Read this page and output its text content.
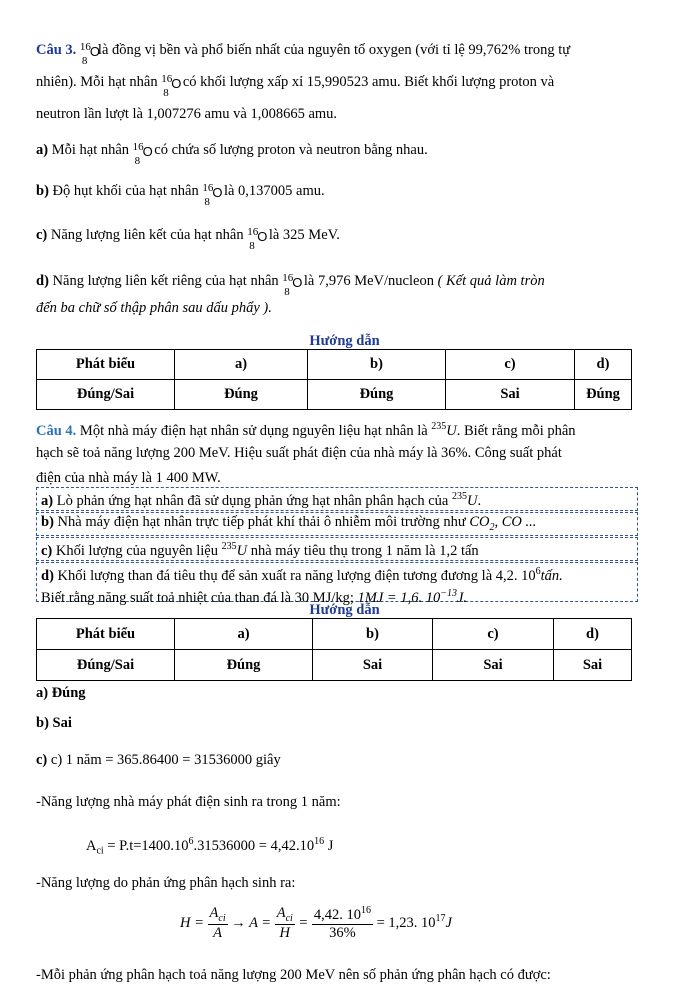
Câu 3. 16
8
O
là đồng vị bền và phổ biến nhất của nguyên tố oxygen (với tỉ lệ 99,762% trong tự
nhiên). Mỗi hạt nhân 16
8
O có khối lượng xấp xỉ 15,990523 amu. Biết khối lượng proton và
neutron lần lượt là 1,007276 amu và 1,008665 amu.
a) Mỗi hạt nhân 16
8
O có chứa số lượng proton và neutron bằng nhau.
b) Độ hụt khối của hạt nhân 16
8
O là 0,137005 amu.
c) Năng lượng liên kết của hạt nhân 16
8
O là 325 MeV.
d) Năng lượng liên kết riêng của hạt nhân 16
8
O là 7,976 MeV/nucleon ( Kết quả làm tròn
đến ba chữ số thập phân sau dấu phẩy ).
Hướng dẫn
Phát biểu	a)	b)	c)	d)
Đúng/Sai	Đúng	Đúng	Sai	Đúng
Câu 4. Một nhà máy điện hạt nhân sử dụng nguyên liệu hạt nhân là $^{235}$U. Biết rằng mỗi phân
hạch sẽ toả năng lượng 200 MeV. Hiệu suất phát điện của nhà máy là 36%. Công suất phát
điện của nhà máy là 1 400 MW.
a) Lò phản ứng hạt nhân đã sử dụng phản ứng hạt nhân phân hạch của $^{235}$U.
b) Nhà máy điện hạt nhân trực tiếp phát khí thải ô nhiễm môi trường như $CO_2$, CO ...
c) Khối lượng của nguyên liệu $^{235}$U nhà máy tiêu thụ trong 1 năm là 1,2 tấn
d) Khối lượng than đá tiêu thụ để sản xuất ra năng lượng điện tương đương là 4,2. $10^6tấn$.
Biết rằng năng suất toả nhiệt của than đá là 30 MJ/kg; 1MJ = 1,6. $10^{-13}J$.
Hướng dẫn
Phát biểu	a)	b)	c)	d)
Đúng/Sai	Đúng	Sai	Sai	Sai
a) Đúng
b) Sai
c) c) 1 năm = 365.86400 = 31536000 giây
-Năng lượng nhà máy phát điện sinh ra trong 1 năm:
$A_{ci} = P.t=1400.10^6.31536000 = 4,42.10^{16}$ J
-Năng lượng do phản ứng phân hạch sinh ra:
$H = \frac{A_{ci}}{A} \to A = \frac{A_{ci}}{H} = \frac{4,42. 10^{16}}{36\%} = 1,23$. $10^{17}J$
-Mỗi phản ứng phân hạch toả năng lượng 200 MeV nên số phản ứng phân hạch có được:
